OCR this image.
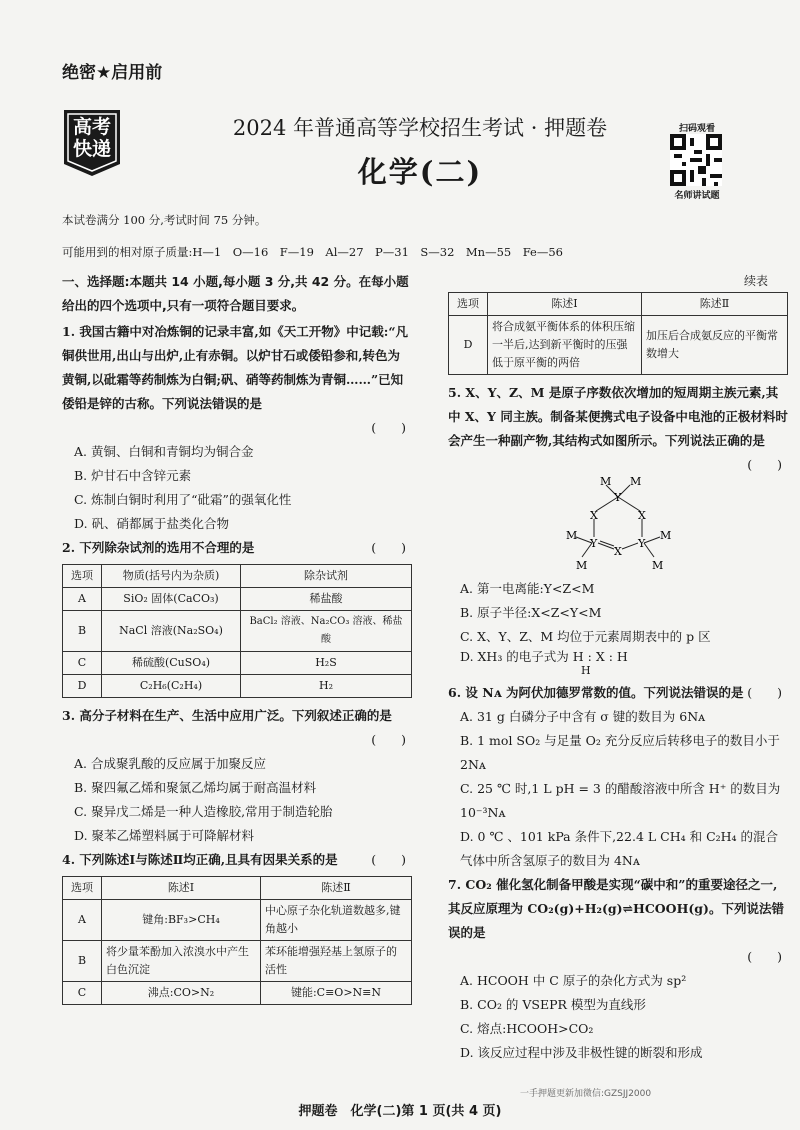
绝密★启用前
高考
快递
2024 年普通高等学校招生考试 · 押题卷
化学(二)
扫码观看
名师讲试题
本试卷满分 100 分,考试时间 75 分钟。
可能用到的相对原子质量:H—1　O—16　F—19　Al—27　P—31　S—32　Mn—55　Fe—56

一、选择题:本题共 14 小题,每小题 3 分,共 42 分。在每小题给出的四个选项中,只有一项符合题目要求。

1. 我国古籍中对冶炼铜的记录丰富,如《天工开物》中记载:“凡铜供世用,出山与出炉,止有赤铜。以炉甘石或倭铅参和,转色为黄铜,以砒霜等药制炼为白铜;矾、硝等药制炼为青铜……”已知倭铅是锌的古称。下列说法错误的是

(　　)
A. 黄铜、白铜和青铜均为铜合金
B. 炉甘石中含锌元素
C. 炼制白铜时利用了“砒霜”的强氧化性
D. 矾、硝都属于盐类化合物
2. 下列除杂试剂的选用不合理的是	(　　)
选项	物质(括号内为杂质)	除杂试剂
A	SiO₂ 固体(CaCO₃)	稀盐酸
B	NaCl 溶液(Na₂SO₄)	BaCl₂ 溶液、Na₂CO₃ 溶液、稀盐酸
C	稀硫酸(CuSO₄)	H₂S
D	C₂H₆(C₂H₄)	H₂

3. 高分子材料在生产、生活中应用广泛。下列叙述正确的是

(　　)
A. 合成聚乳酸的反应属于加聚反应
B. 聚四氟乙烯和聚氯乙烯均属于耐高温材料
C. 聚异戊二烯是一种人造橡胶,常用于制造轮胎
D. 聚苯乙烯塑料属于可降解材料
4. 下列陈述Ⅰ与陈述Ⅱ均正确,且具有因果关系的是	(　　)
选项	陈述Ⅰ	陈述Ⅱ
A	键角:BF₃>CH₄	中心原子杂化轨道数越多,键角越小
B	将少量苯酚加入浓溴水中产生白色沉淀	苯环能增强羟基上氢原子的活性
C	沸点:CO>N₂	键能:C≡O>N≡N
续表
选项	陈述Ⅰ	陈述Ⅱ
D	将合成氨平衡体系的体积压缩一半后,达到新平衡时的压强低于原平衡的两倍	加压后合成氨反应的平衡常数增大

5. X、Y、Z、M 是原子序数依次增加的短周期主族元素,其中 X、Y 同主族。制备某便携式电子设备中电池的正极材料时会产生一种副产物,其结构式如图所示。下列说法正确的是

(　　)
M M
Y
X	X
M
Y
X
Y
M
M	M
A. 第一电离能:Y<Z<M
B. 原子半径:X<Z<Y<M
C. X、Y、Z、M 均位于元素周期表中的 p 区
D. XH₃ 的电子式为 H : X : H
H
6. 设 Nᴀ 为阿伏加德罗常数的值。下列说法错误的是 (　　)
A. 31 g 白磷分子中含有 σ 键的数目为 6Nᴀ
B. 1 mol SO₂ 与足量 O₂ 充分反应后转移电子的数目小于 2Nᴀ
C. 25 ℃ 时,1 L pH = 3 的醋酸溶液中所含 H⁺ 的数目为 10⁻³Nᴀ
D. 0 ℃ 、101 kPa 条件下,22.4 L CH₄ 和 C₂H₄ 的混合气体中所含氢原子的数目为 4Nᴀ

7. CO₂ 催化氢化制备甲酸是实现“碳中和”的重要途径之一,其反应原理为 CO₂(g)+H₂(g)⇌HCOOH(g)。下列说法错误的是

(　　)
A. HCOOH 中 C 原子的杂化方式为 sp²
B. CO₂ 的 VSEPR 模型为直线形
C. 熔点:HCOOH>CO₂
D. 该反应过程中涉及非极性键的断裂和形成
一手押题更新加微信:GZSJJ2000
押题卷　化学(二)第 1 页(共 4 页)
